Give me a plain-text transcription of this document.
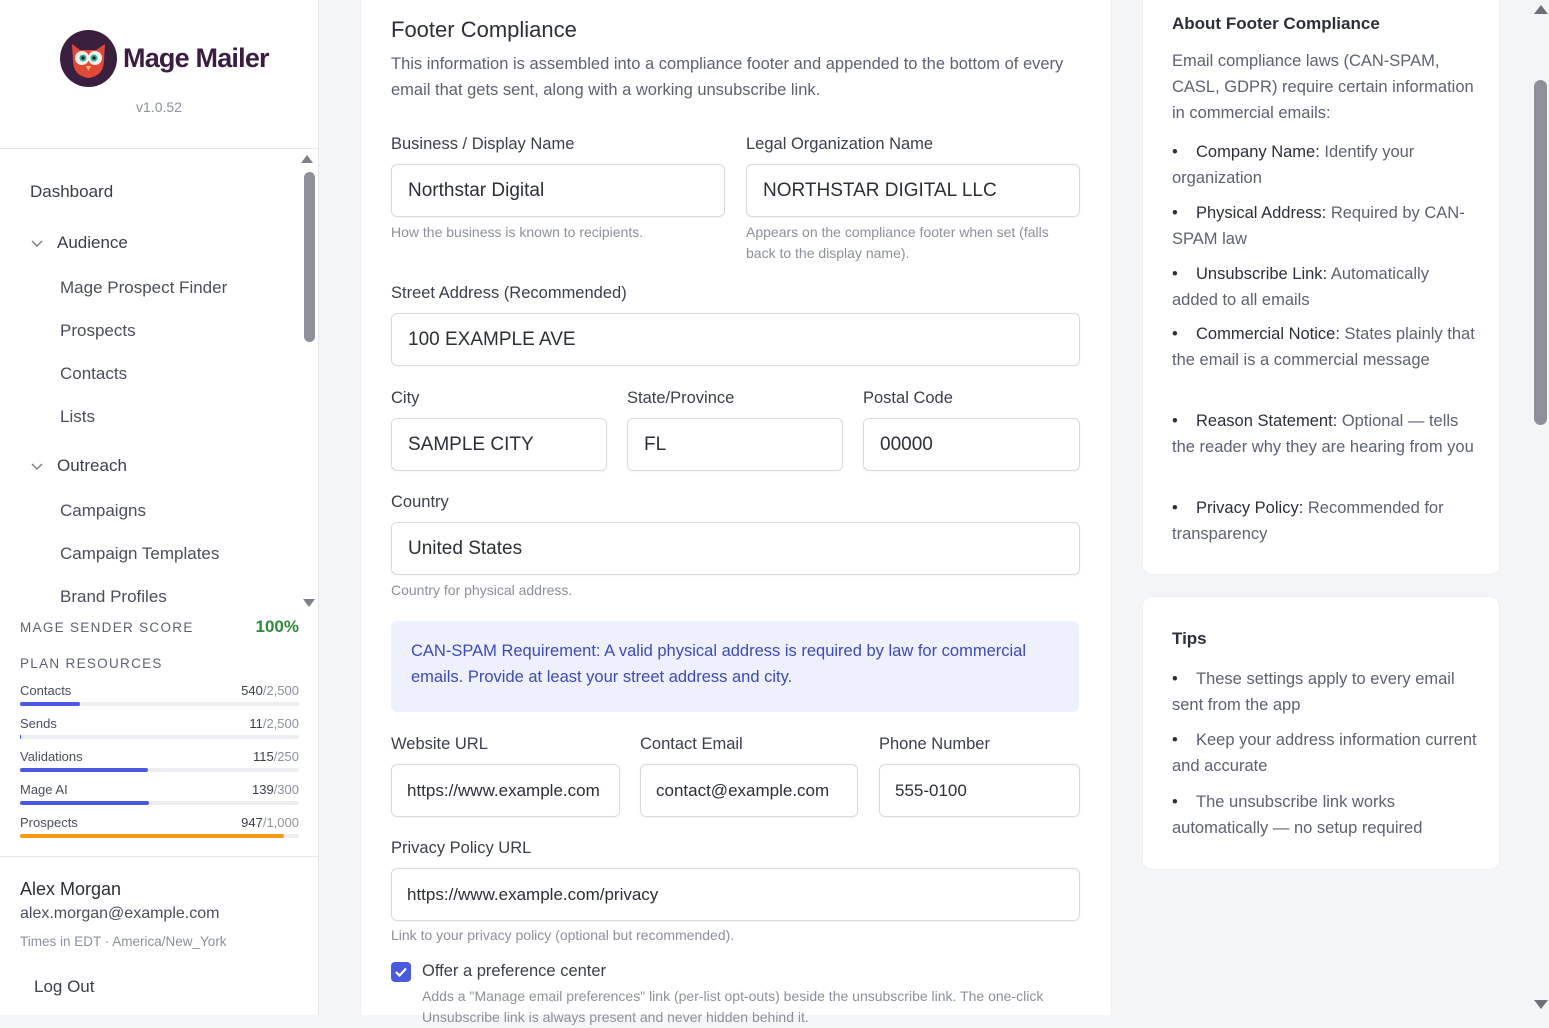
Mage Mailer
v1.0.52
Dashboard
Audience
Mage Prospect Finder
Prospects
Contacts
Lists
Outreach
Campaigns
Campaign Templates
Brand Profiles
MAGE SENDER SCORE	100%
PLAN RESOURCES
Contacts	540/2,500
Sends	11/2,500
Validations	115/250
Mage AI	139/300
Prospects	947/1,000
Alex Morgan
alex.morgan@example.com
Times in EDT · America/New_York
Log Out
Footer Compliance
This information is assembled into a compliance footer and appended to the bottom of every email that gets sent, along with a working unsubscribe link.
Business / Display Name
Northstar Digital
How the business is known to recipients.
Legal Organization Name
NORTHSTAR DIGITAL LLC
Appears on the compliance footer when set (falls back to the display name).
Street Address (Recommended)
100 EXAMPLE AVE
City
SAMPLE CITY
State/Province
FL
Postal Code
00000
Country
United States
Country for physical address.
CAN-SPAM Requirement: A valid physical address is required by law for commercial emails. Provide at least your street address and city.
Website URL
https://www.example.com
Contact Email
contact@example.com
Phone Number
555-0100
Privacy Policy URL
https://www.example.com/privacy
Link to your privacy policy (optional but recommended).
Offer a preference center
Adds a "Manage email preferences" link (per-list opt-outs) beside the unsubscribe link. The one-click Unsubscribe link is always present and never hidden behind it.
About Footer Compliance
Email compliance laws (CAN-SPAM, CASL, GDPR) require certain information in commercial emails:
• Company Name: Identify your organization
• Physical Address: Required by CAN-SPAM law
• Unsubscribe Link: Automatically added to all emails
• Commercial Notice: States plainly that the email is a commercial message
• Reason Statement: Optional — tells the reader why they are hearing from you
• Privacy Policy: Recommended for transparency
Tips
• These settings apply to every email sent from the app
• Keep your address information current and accurate
• The unsubscribe link works automatically — no setup required
